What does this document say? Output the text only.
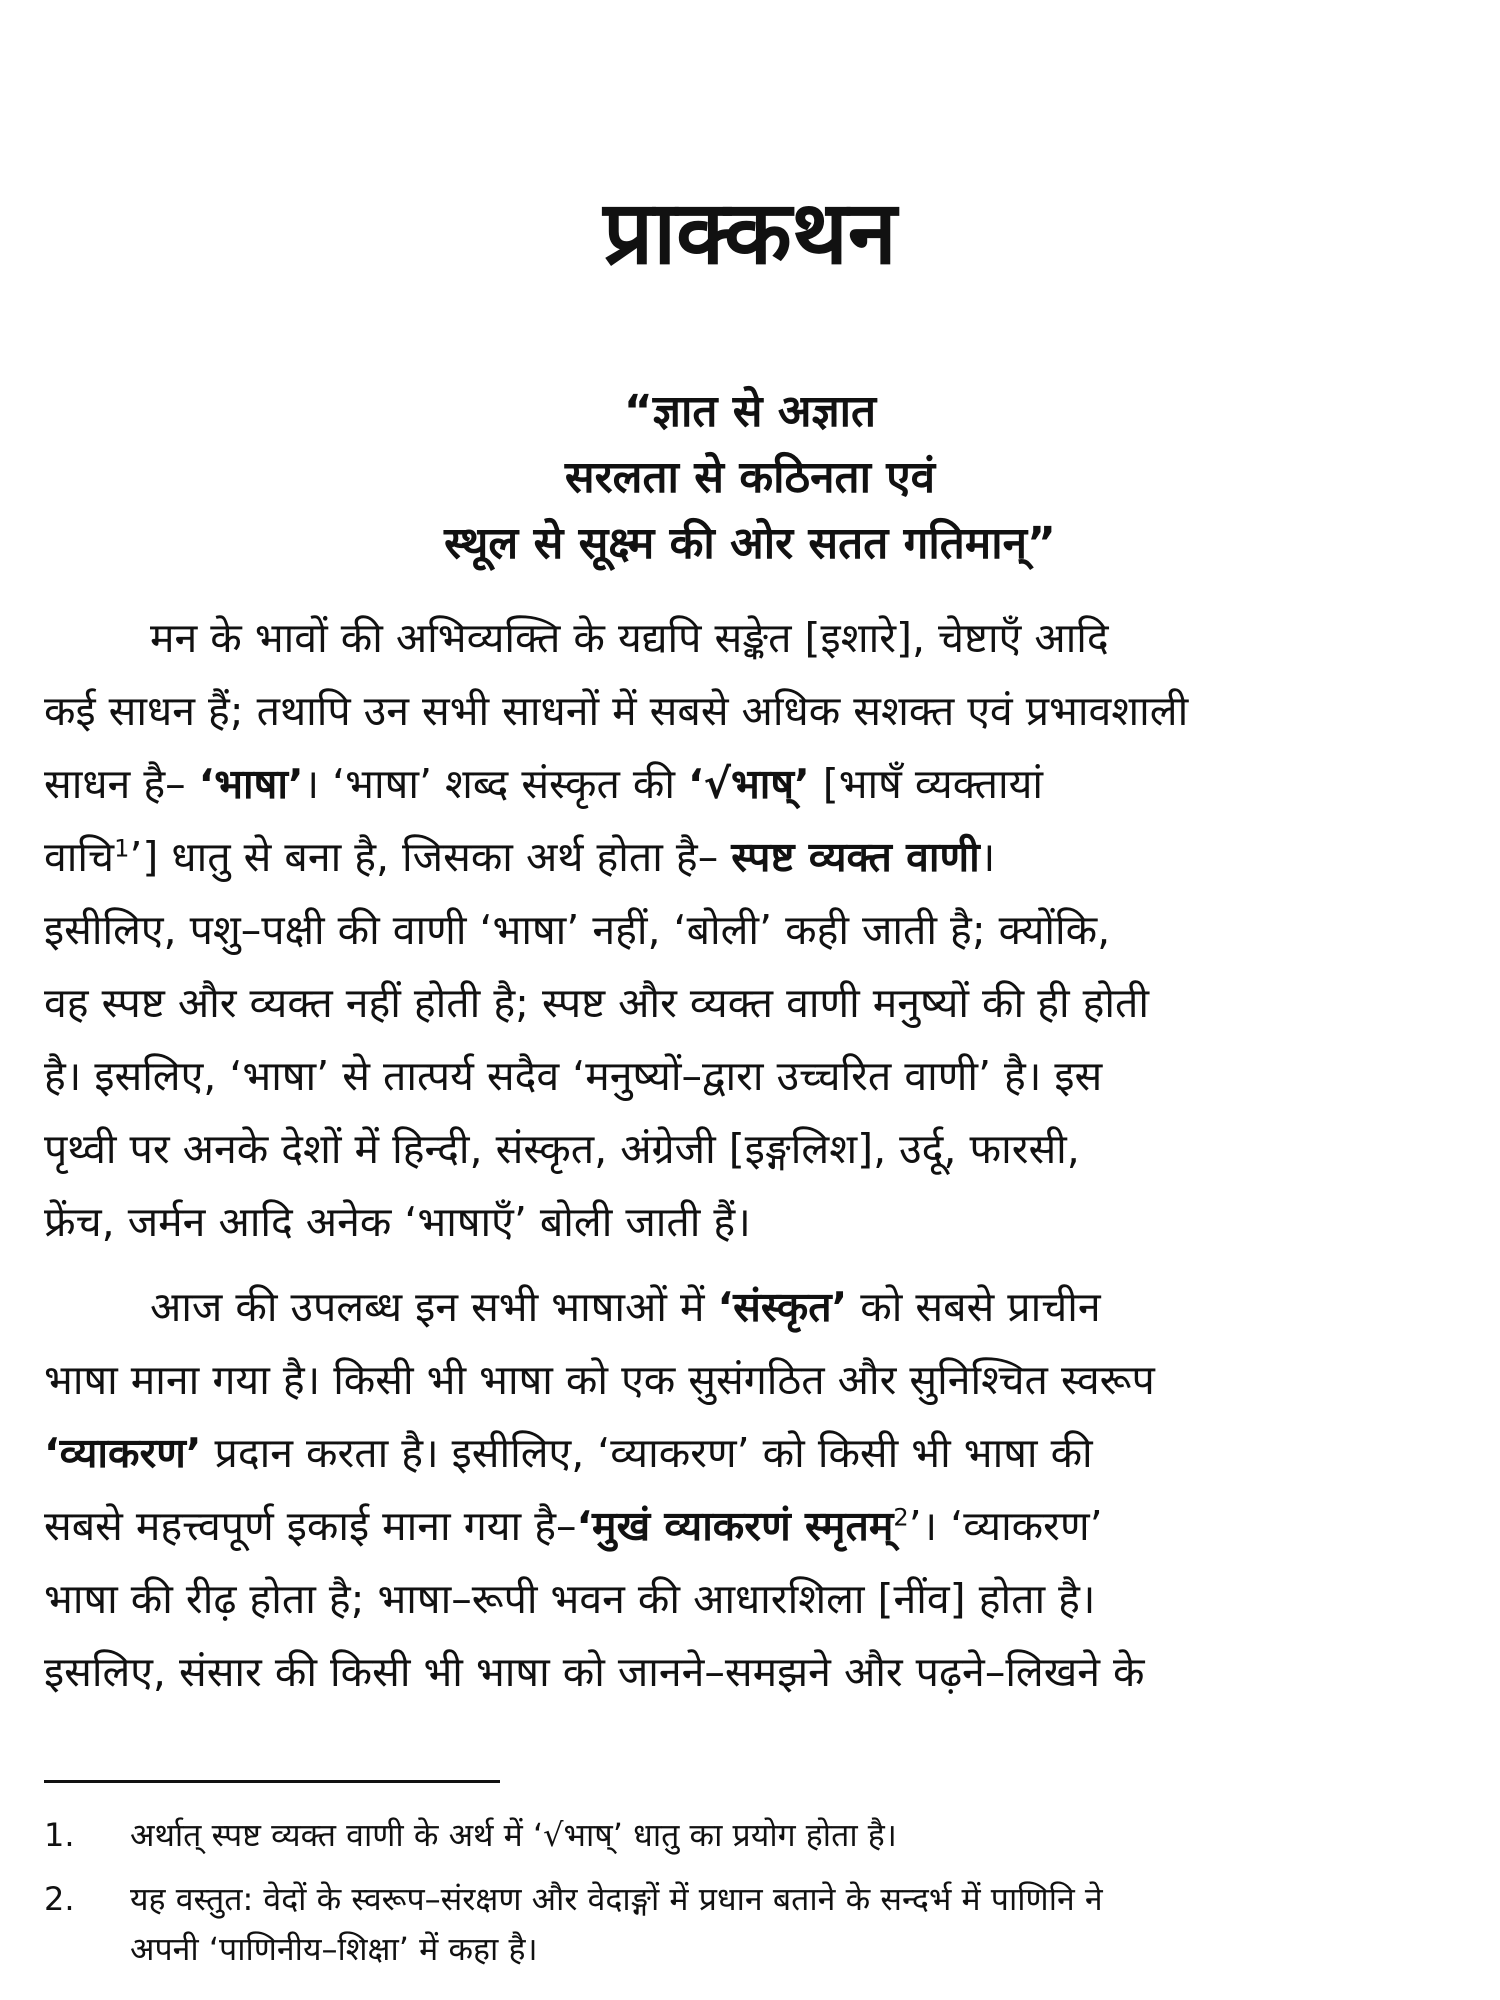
प्राक्कथन
“ज्ञात से अज्ञात
सरलता से कठिनता एवं
स्थूल से सूक्ष्म की ओर सतत गतिमान्”
मन के भावों की अभिव्यक्ति के यद्यपि सङ्केत [इशारे], चेष्टाएँ आदि
कई साधन हैं; तथापि उन सभी साधनों में सबसे अधिक सशक्त एवं प्रभावशाली
साधन है– ‘भाषा’। ‘भाषा’ शब्द संस्कृत की ‘√भाष्’ [भाषँ व्यक्तायां
वाचि$^1$’] धातु से बना है, जिसका अर्थ होता है– स्पष्ट व्यक्त वाणी।
इसीलिए, पशु–पक्षी की वाणी ‘भाषा’ नहीं, ‘बोली’ कही जाती है; क्योंकि,
वह स्पष्ट और व्यक्त नहीं होती है; स्पष्ट और व्यक्त वाणी मनुष्यों की ही होती
है। इसलिए, ‘भाषा’ से तात्पर्य सदैव ‘मनुष्यों–द्वारा उच्चरित वाणी’ है। इस
पृथ्वी पर अनके देशों में हिन्दी, संस्कृत, अंग्रेजी [इङ्गलिश], उर्दू, फारसी,
फ्रेंच, जर्मन आदि अनेक ‘भाषाएँ’ बोली जाती हैं।
आज की उपलब्ध इन सभी भाषाओं में ‘संस्कृत’ को सबसे प्राचीन
भाषा माना गया है। किसी भी भाषा को एक सुसंगठित और सुनिश्चित स्वरूप
‘व्याकरण’ प्रदान करता है। इसीलिए, ‘व्याकरण’ को किसी भी भाषा की
सबसे महत्त्वपूर्ण इकाई माना गया है–‘मुखं व्याकरणं स्मृतम्$^2$’। ‘व्याकरण’
भाषा की रीढ़ होता है; भाषा–रूपी भवन की आधारशिला [नींव] होता है।
इसलिए, संसार की किसी भी भाषा को जानने–समझने और पढ़ने–लिखने के
1. अर्थात् स्पष्ट व्यक्त वाणी के अर्थ में ‘√भाष्’ धातु का प्रयोग होता है।
2. यह वस्तुत: वेदों के स्वरूप–संरक्षण और वेदाङ्गों में प्रधान बताने के सन्दर्भ में पाणिनि ने
अपनी ‘पाणिनीय–शिक्षा’ में कहा है।
